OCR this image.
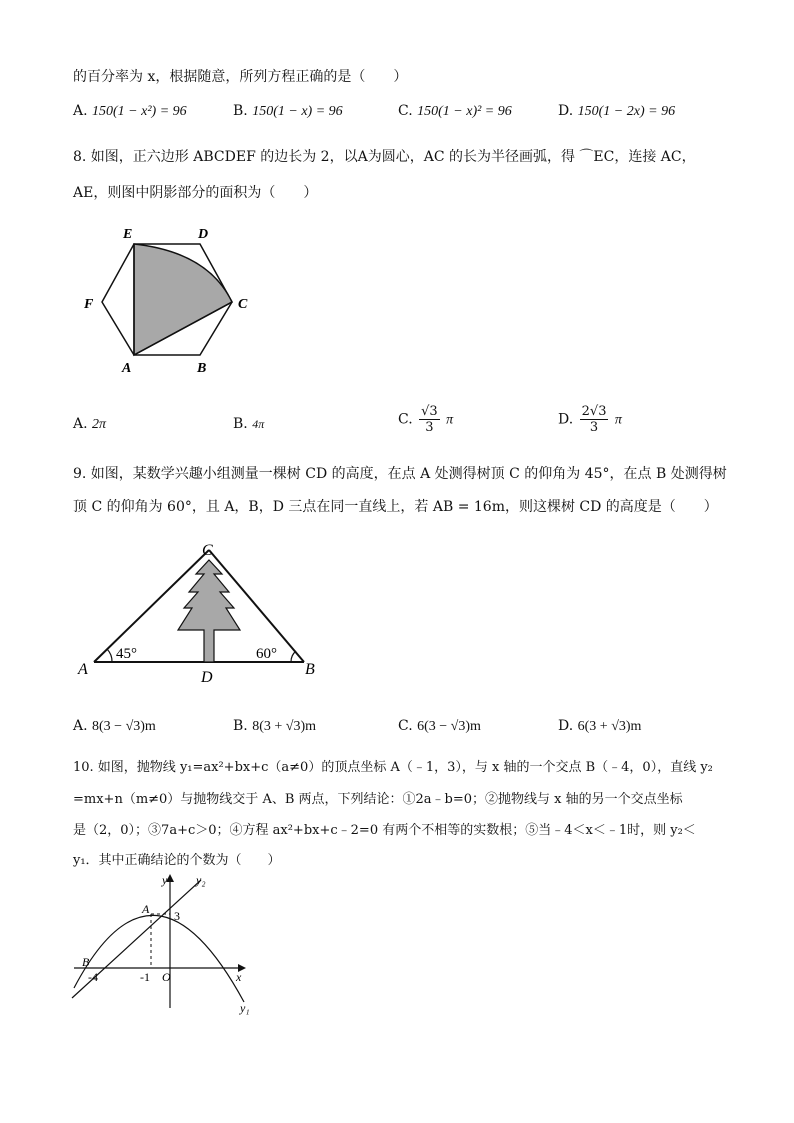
的百分率为 x，根据随意，所列方程正确的是（　　）
A. 150(1 − x²) = 96	B. 150(1 − x) = 96	C. 150(1 − x)² = 96	D. 150(1 − 2x) = 96
8. 如图，正六边形 ABCDEF 的边长为 2，以A为圆心，AC 的长为半径画弧，得 ⌒EC，连接 AC，
AE，则图中阴影部分的面积为（　　）
E	D
F	C
A	B
A. 2π	B. 4π	C. $\frac{√3}{3}$ π	D. $\frac{2√3}{3}$ π
9. 如图，某数学兴趣小组测量一棵树 CD 的高度，在点 A 处测得树顶 C 的仰角为 45°，在点 B 处测得树
顶 C 的仰角为 60°，且 A，B，D 三点在同一直线上，若 AB = 16m，则这棵树 CD 的高度是（　　）
C
A	D	B
45°	60°
A. 8(3 − √3)m	B. 8(3 + √3)m	C. 6(3 − √3)m	D. 6(3 + √3)m
10. 如图，抛物线 y₁=ax²+bx+c（a≠0）的顶点坐标 A（﹣1，3），与 x 轴的一个交点 B（﹣4，0），直线 y₂
=mx+n（m≠0）与抛物线交于 A、B 两点，下列结论：①2a﹣b=0；②抛物线与 x 轴的另一个交点坐标
是（2，0）；③7a+c＞0；④方程 ax²+bx+c﹣2=0 有两个不相等的实数根；⑤当﹣4＜x＜﹣1时，则 y₂＜
y₁．其中正确结论的个数为（　　）
y y₂
A 3
B
-4	-1 O	x
y₁
